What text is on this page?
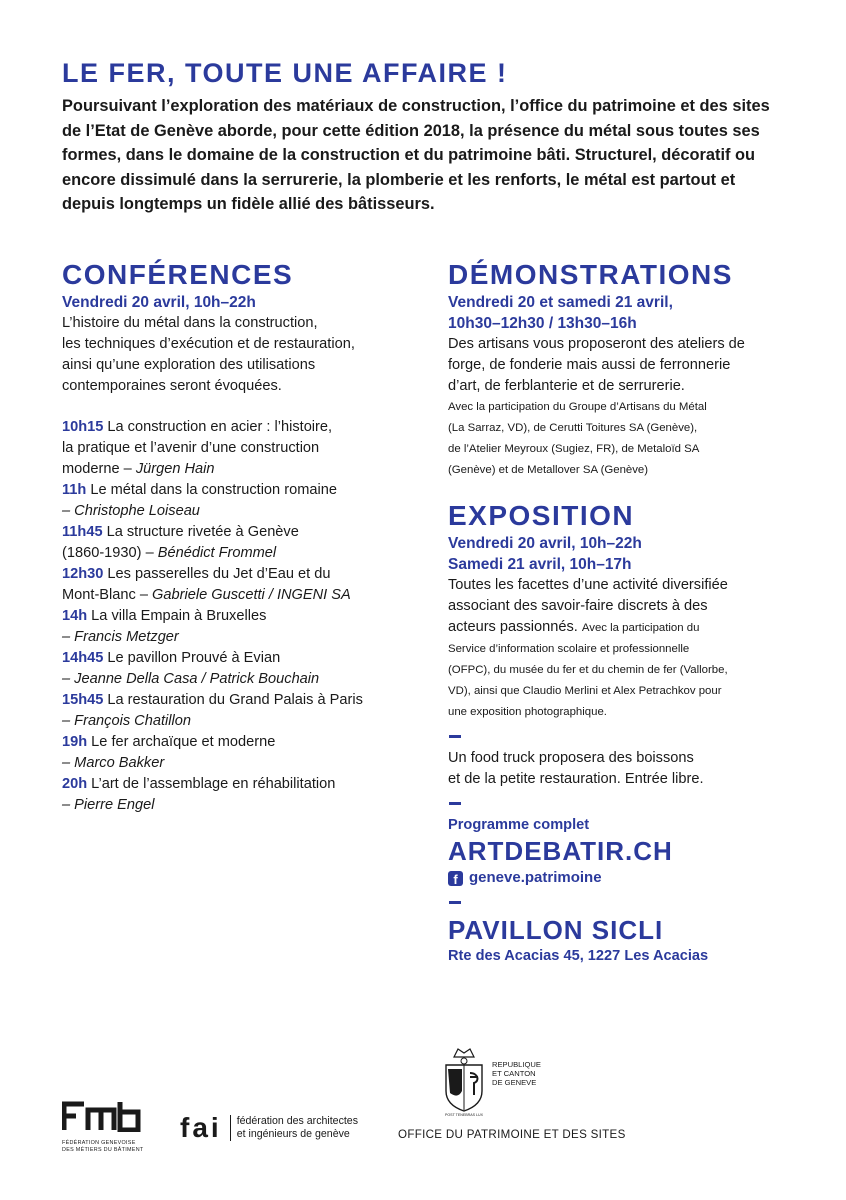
LE FER, TOUTE UNE AFFAIRE !
Poursuivant l’exploration des matériaux de construction, l’office du patrimoine et des sites de l’Etat de Genève aborde, pour cette édition 2018, la présence du métal sous toutes ses formes, dans le domaine de la construction et du patrimoine bâti. Structurel, décoratif ou encore dissimulé dans la serrurerie, la plomberie et les renforts, le métal est partout et depuis longtemps un fidèle allié des bâtisseurs.
CONFÉRENCES
Vendredi 20 avril, 10h–22h
L’histoire du métal dans la construction,
les techniques d’exécution et de restauration,
ainsi qu’une exploration des utilisations
contemporaines seront évoquées.
10h15 La construction en acier : l’histoire,
la pratique et l’avenir d’une construction
moderne – Jürgen Hain
11h Le métal dans la construction romaine
– Christophe Loiseau
11h45 La structure rivetée à Genève
(1860-1930) – Bénédict Frommel
12h30 Les passerelles du Jet d’Eau et du
Mont-Blanc – Gabriele Guscetti / INGENI SA
14h La villa Empain à Bruxelles
– Francis Metzger
14h45 Le pavillon Prouvé à Evian
– Jeanne Della Casa / Patrick Bouchain
15h45 La restauration du Grand Palais à Paris
– François Chatillon
19h Le fer archaïque et moderne
– Marco Bakker
20h L’art de l’assemblage en réhabilitation
– Pierre Engel
DÉMONSTRATIONS
Vendredi 20 et samedi 21 avril,
10h30–12h30 / 13h30–16h
Des artisans vous proposeront des ateliers de
forge, de fonderie mais aussi de ferronnerie
d’art, de ferblanterie et de serrurerie.
Avec la participation du Groupe d’Artisans du Métal
(La Sarraz, VD), de Cerutti Toitures SA (Genève),
de l’Atelier Meyroux (Sugiez, FR), de Metaloïd SA
(Genève) et de Metallover SA (Genève)
EXPOSITION
Vendredi 20 avril, 10h–22h
Samedi 21 avril, 10h–17h
Toutes les facettes d’une activité diversifiée
associant des savoir-faire discrets à des
acteurs passionnés. Avec la participation du
Service d’information scolaire et professionnelle
(OFPC), du musée du fer et du chemin de fer (Vallorbe,
VD), ainsi que Claudio Merlini et Alex Petrachkov pour
une exposition photographique.
Un food truck proposera des boissons
et de la petite restauration. Entrée libre.
Programme complet
ARTDEBATIR.CH
f geneve.patrimoine
PAVILLON SICLI
Rte des Acacias 45, 1227 Les Acacias
FÉDÉRATION GENEVOISE
DES MÉTIERS DU BÂTIMENT
fai fédération des architectes
et ingénieurs de genève
POST TENEBRAS LUX
REPUBLIQUE
ET CANTON
DE GENEVE
OFFICE DU PATRIMOINE ET DES SITES
